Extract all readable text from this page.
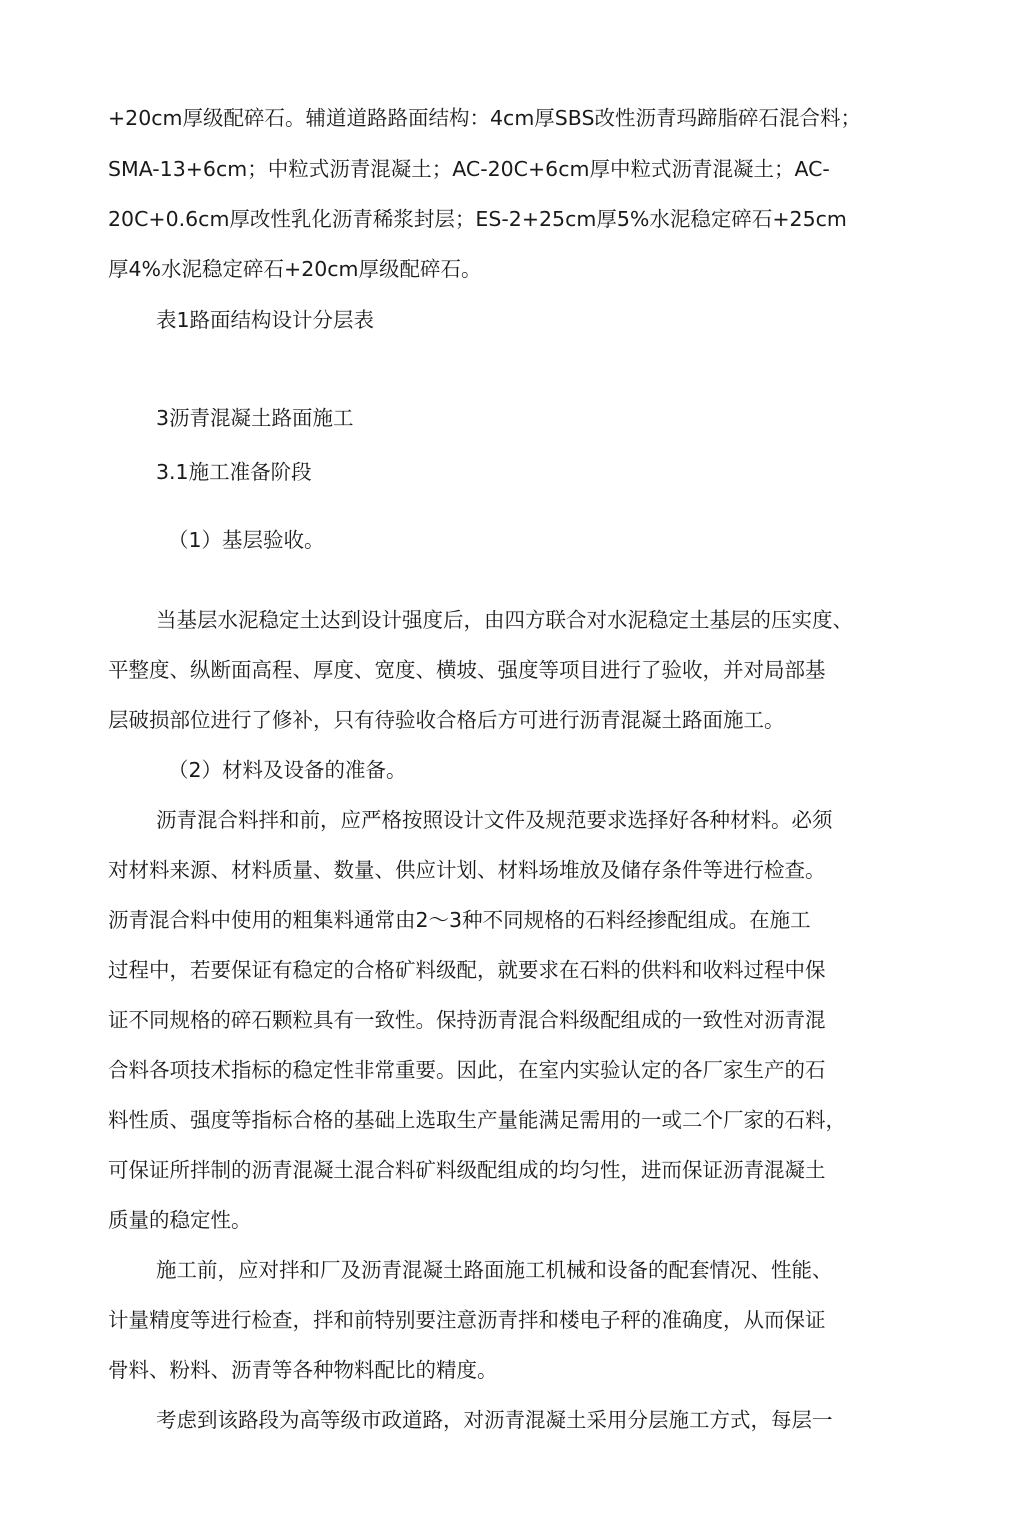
+20cm厚级配碎石。辅道道路路面结构：4cm厚SBS改性沥青玛蹄脂碎石混合料；
SMA-13+6cm；中粒式沥青混凝土；AC-20C+6cm厚中粒式沥青混凝土；AC-
20C+0.6cm厚改性乳化沥青稀浆封层；ES-2+25cm厚5%水泥稳定碎石+25cm
厚4%水泥稳定碎石+20cm厚级配碎石。
表1路面结构设计分层表
3沥青混凝土路面施工
3.1施工准备阶段
（1）基层验收。
当基层水泥稳定土达到设计强度后，由四方联合对水泥稳定土基层的压实度、
平整度、纵断面高程、厚度、宽度、横坡、强度等项目进行了验收，并对局部基
层破损部位进行了修补，只有待验收合格后方可进行沥青混凝土路面施工。
（2）材料及设备的准备。
沥青混合料拌和前，应严格按照设计文件及规范要求选择好各种材料。必须
对材料来源、材料质量、数量、供应计划、材料场堆放及储存条件等进行检查。
沥青混合料中使用的粗集料通常由2～3种不同规格的石料经掺配组成。在施工
过程中，若要保证有稳定的合格矿料级配，就要求在石料的供料和收料过程中保
证不同规格的碎石颗粒具有一致性。保持沥青混合料级配组成的一致性对沥青混
合料各项技术指标的稳定性非常重要。因此，在室内实验认定的各厂家生产的石
料性质、强度等指标合格的基础上选取生产量能满足需用的一或二个厂家的石料，
可保证所拌制的沥青混凝土混合料矿料级配组成的均匀性，进而保证沥青混凝土
质量的稳定性。
施工前，应对拌和厂及沥青混凝土路面施工机械和设备的配套情况、性能、
计量精度等进行检查，拌和前特别要注意沥青拌和楼电子秤的准确度，从而保证
骨料、粉料、沥青等各种物料配比的精度。
考虑到该路段为高等级市政道路，对沥青混凝土采用分层施工方式，每层一
